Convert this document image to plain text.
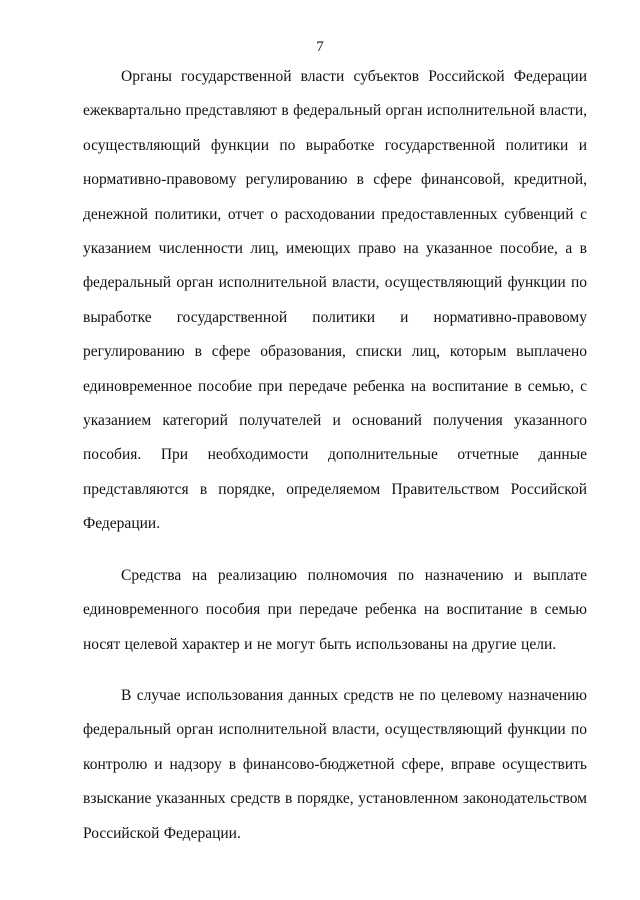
7

Органы государственной власти субъектов Российской Федерации ежеквартально представляют в федеральный орган исполнительной власти, осуществляющий функции по выработке государственной политики и нормативно-правовому регулированию в сфере финансовой, кредитной, денежной политики, отчет о расходовании предоставленных субвенций с указанием численности лиц, имеющих право на указанное пособие, а в федеральный орган исполнительной власти, осуществляющий функции по выработке государственной политики и нормативно-правовому регулированию в сфере образования, списки лиц, которым выплачено единовременное пособие при передаче ребенка на воспитание в семью, с указанием категорий получателей и оснований получения указанного пособия. При необходимости дополнительные отчетные данные представляются в порядке, определяемом Правительством Российской Федерации.

Средства на реализацию полномочия по назначению и выплате единовременного пособия при передаче ребенка на воспитание в семью носят целевой характер и не могут быть использованы на другие цели.

В случае использования данных средств не по целевому назначению федеральный орган исполнительной власти, осуществляющий функции по контролю и надзору в финансово-бюджетной сфере, вправе осуществить взыскание указанных средств в порядке, установленном законодательством Российской Федерации.
